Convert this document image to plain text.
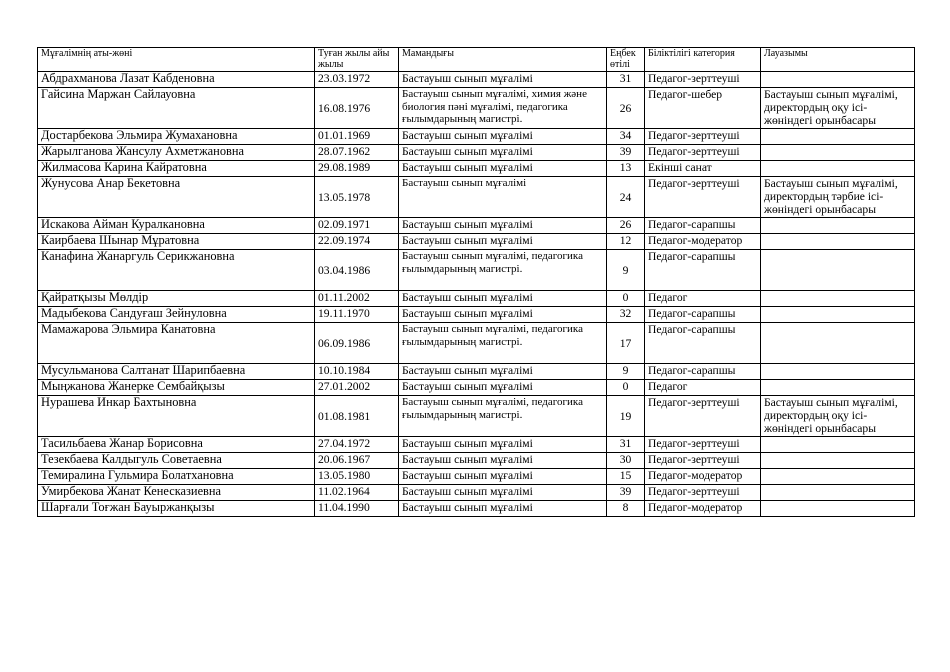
Мұғалімнің аты-жөні	Туған жылы айы жылы	Мамандығы	Еңбек өтілі	Біліктілігі категория	Лауазымы
Абдрахманова Лазат Кабденовна	23.03.1972	Бастауыш сынып мұғалімі	31	Педагог-зерттеуші	
Гайсина Маржан Сайлауовна	16.08.1976	Бастауыш сынып мұғалімі, химия және биология пәні мұғалімі, педагогика ғылымдарының магистрі.	26	Педагог-шебер	Бастауыш сынып мұғалімі, директордың оқу ісі-жөніндегі орынбасары
Достарбекова Эльмира Жумахановна	01.01.1969	Бастауыш сынып мұғалімі	34	Педагог-зерттеуші	
Жарылганова Жансулу Ахметжановна	28.07.1962	Бастауыш сынып мұғалімі	39	Педагог-зерттеуші	
Жилмасова Карина Кайратовна	29.08.1989	Бастауыш сынып мұғалімі	13	Екінші санат	
Жунусова Анар Бекетовна	13.05.1978	Бастауыш сынып мұғалімі	24	Педагог-зерттеуші	Бастауыш сынып мұғалімі, директордың тәрбие ісі-жөніндегі орынбасары
Искакова Айман Куралкановна	02.09.1971	Бастауыш сынып мұғалімі	26	Педагог-сарапшы	
Каирбаева Шынар Мұратовна	22.09.1974	Бастауыш сынып мұғалімі	12	Педагог-модератор	
Канафина Жанаргуль Серикжановна	03.04.1986	Бастауыш сынып мұғалімі, педагогика ғылымдарының магистрі.	9	Педагог-сарапшы	
Қайратқызы Мөлдір	01.11.2002	Бастауыш сынып мұғалімі	0	Педагог	
Мадыбекова Сандуғаш Зейнуловна	19.11.1970	Бастауыш сынып мұғалімі	32	Педагог-сарапшы	
Мамажарова Эльмира Канатовна	06.09.1986	Бастауыш сынып мұғалімі, педагогика ғылымдарының магистрі.	17	Педагог-сарапшы	
Мусульманова Салтанат Шарипбаевна	10.10.1984	Бастауыш сынып мұғалімі	9	Педагог-сарапшы	
Мыңжанова Жанерке Сембайқызы	27.01.2002	Бастауыш сынып мұғалімі	0	Педагог	
Нурашева Инкар Бахтыновна	01.08.1981	Бастауыш сынып мұғалімі, педагогика ғылымдарының магистрі.	19	Педагог-зерттеуші	Бастауыш сынып мұғалімі, директордың оқу ісі-жөніндегі орынбасары
Тасильбаева Жанар Борисовна	27.04.1972	Бастауыш сынып мұғалімі	31	Педагог-зерттеуші	
Тезекбаева Калдыгуль Советаевна	20.06.1967	Бастауыш сынып мұғалімі	30	Педагог-зерттеуші	
Темиралина Гульмира Болатхановна	13.05.1980	Бастауыш сынып мұғалімі	15	Педагог-модератор	
Умирбекова Жанат Кенесказиевна	11.02.1964	Бастауыш сынып мұғалімі	39	Педагог-зерттеуші	
Шарғали Тоғжан Бауыржанқызы	11.04.1990	Бастауыш сынып мұғалімі	8	Педагог-модератор	
